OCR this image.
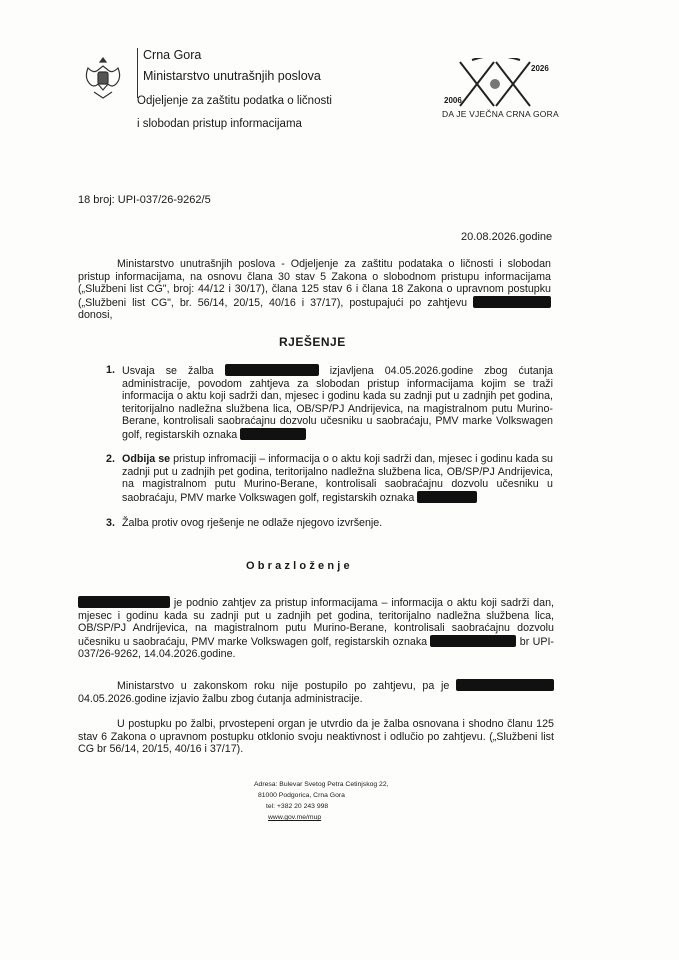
Crna Gora
Ministarstvo unutrašnjih poslova
Odjeljenje za zaštitu podatka o ličnosti
i slobodan pristup informacijama
2026
2006.
DA JE VJEČNA CRNA GORA
18 broj: UPI-037/26-9262/5
20.08.2026.godine
Ministarstvo unutrašnjih poslova - Odjeljenje za zaštitu podataka o ličnosti i slobodan pristup informacijama, na osnovu člana 30 stav 5 Zakona o slobodnom pristupu informacijama („Službeni list CG", broj: 44/12 i 30/17), člana 125 stav 6 i člana 18 Zakona o upravnom postupku („Službeni list CG", br. 56/14, 20/15, 40/16 i 37/17), postupajući po zahtjevu  donosi,
RJEŠENJE
1. Usvaja se žalba	izjavljena 04.05.2026.godine zbog ćutanja administracije, povodom zahtjeva za slobodan pristup informacijama kojim se traži informacija o aktu koji sadrži dan, mjesec i godinu kada su zadnji put u zadnjih pet godina, teritorijalno nadležna službena lica, OB/SP/PJ Andrijevica, na magistralnom putu Murino-Berane, kontrolisali saobraćajnu dozvolu učesniku u saobraćaju, PMV marke Volkswagen golf, registarskih oznaka
2. Odbija se pristup infromaciji – informacija o o aktu koji sadrži dan, mjesec i godinu kada su zadnji put u zadnjih pet godina, teritorijalno nadležna službena lica, OB/SP/PJ Andrijevica, na magistralnom putu Murino-Berane, kontrolisali saobraćajnu dozvolu učesniku u saobraćaju, PMV marke Volkswagen golf, registarskih oznaka
3. Žalba protiv ovog rješenje ne odlaže njegovo izvršenje.
Obrazloženje
je podnio zahtjev za pristup informacijama – informacija o aktu koji sadrži dan, mjesec i godinu kada su zadnji put u zadnjih pet godina, teritorijalno nadležna službena lica, OB/SP/PJ Andrijevica, na magistralnom putu Murino-Berane, kontrolisali saobraćajnu dozvolu učesniku u saobraćaju, PMV marke Volkswagen golf, registarskih oznaka	br UPI-037/26-9262, 14.04.2026.godine.
Ministarstvo u zakonskom roku nije postupilo po zahtjevu, pa je  04.05.2026.godine izjavio žalbu zbog ćutanja administracije.
U postupku po žalbi, prvostepeni organ je utvrdio da je žalba osnovana i shodno članu 125 stav 6 Zakona o upravnom postupku otklonio svoju neaktivnost i odlučio po zahtjevu. („Službeni list CG br 56/14, 20/15, 40/16 i 37/17).
Adresa: Bulevar Svetog Petra Cetinjskog 22,
81000 Podgorica, Crna Gora
tel: +382 20 243 998
www.gov.me/mup
